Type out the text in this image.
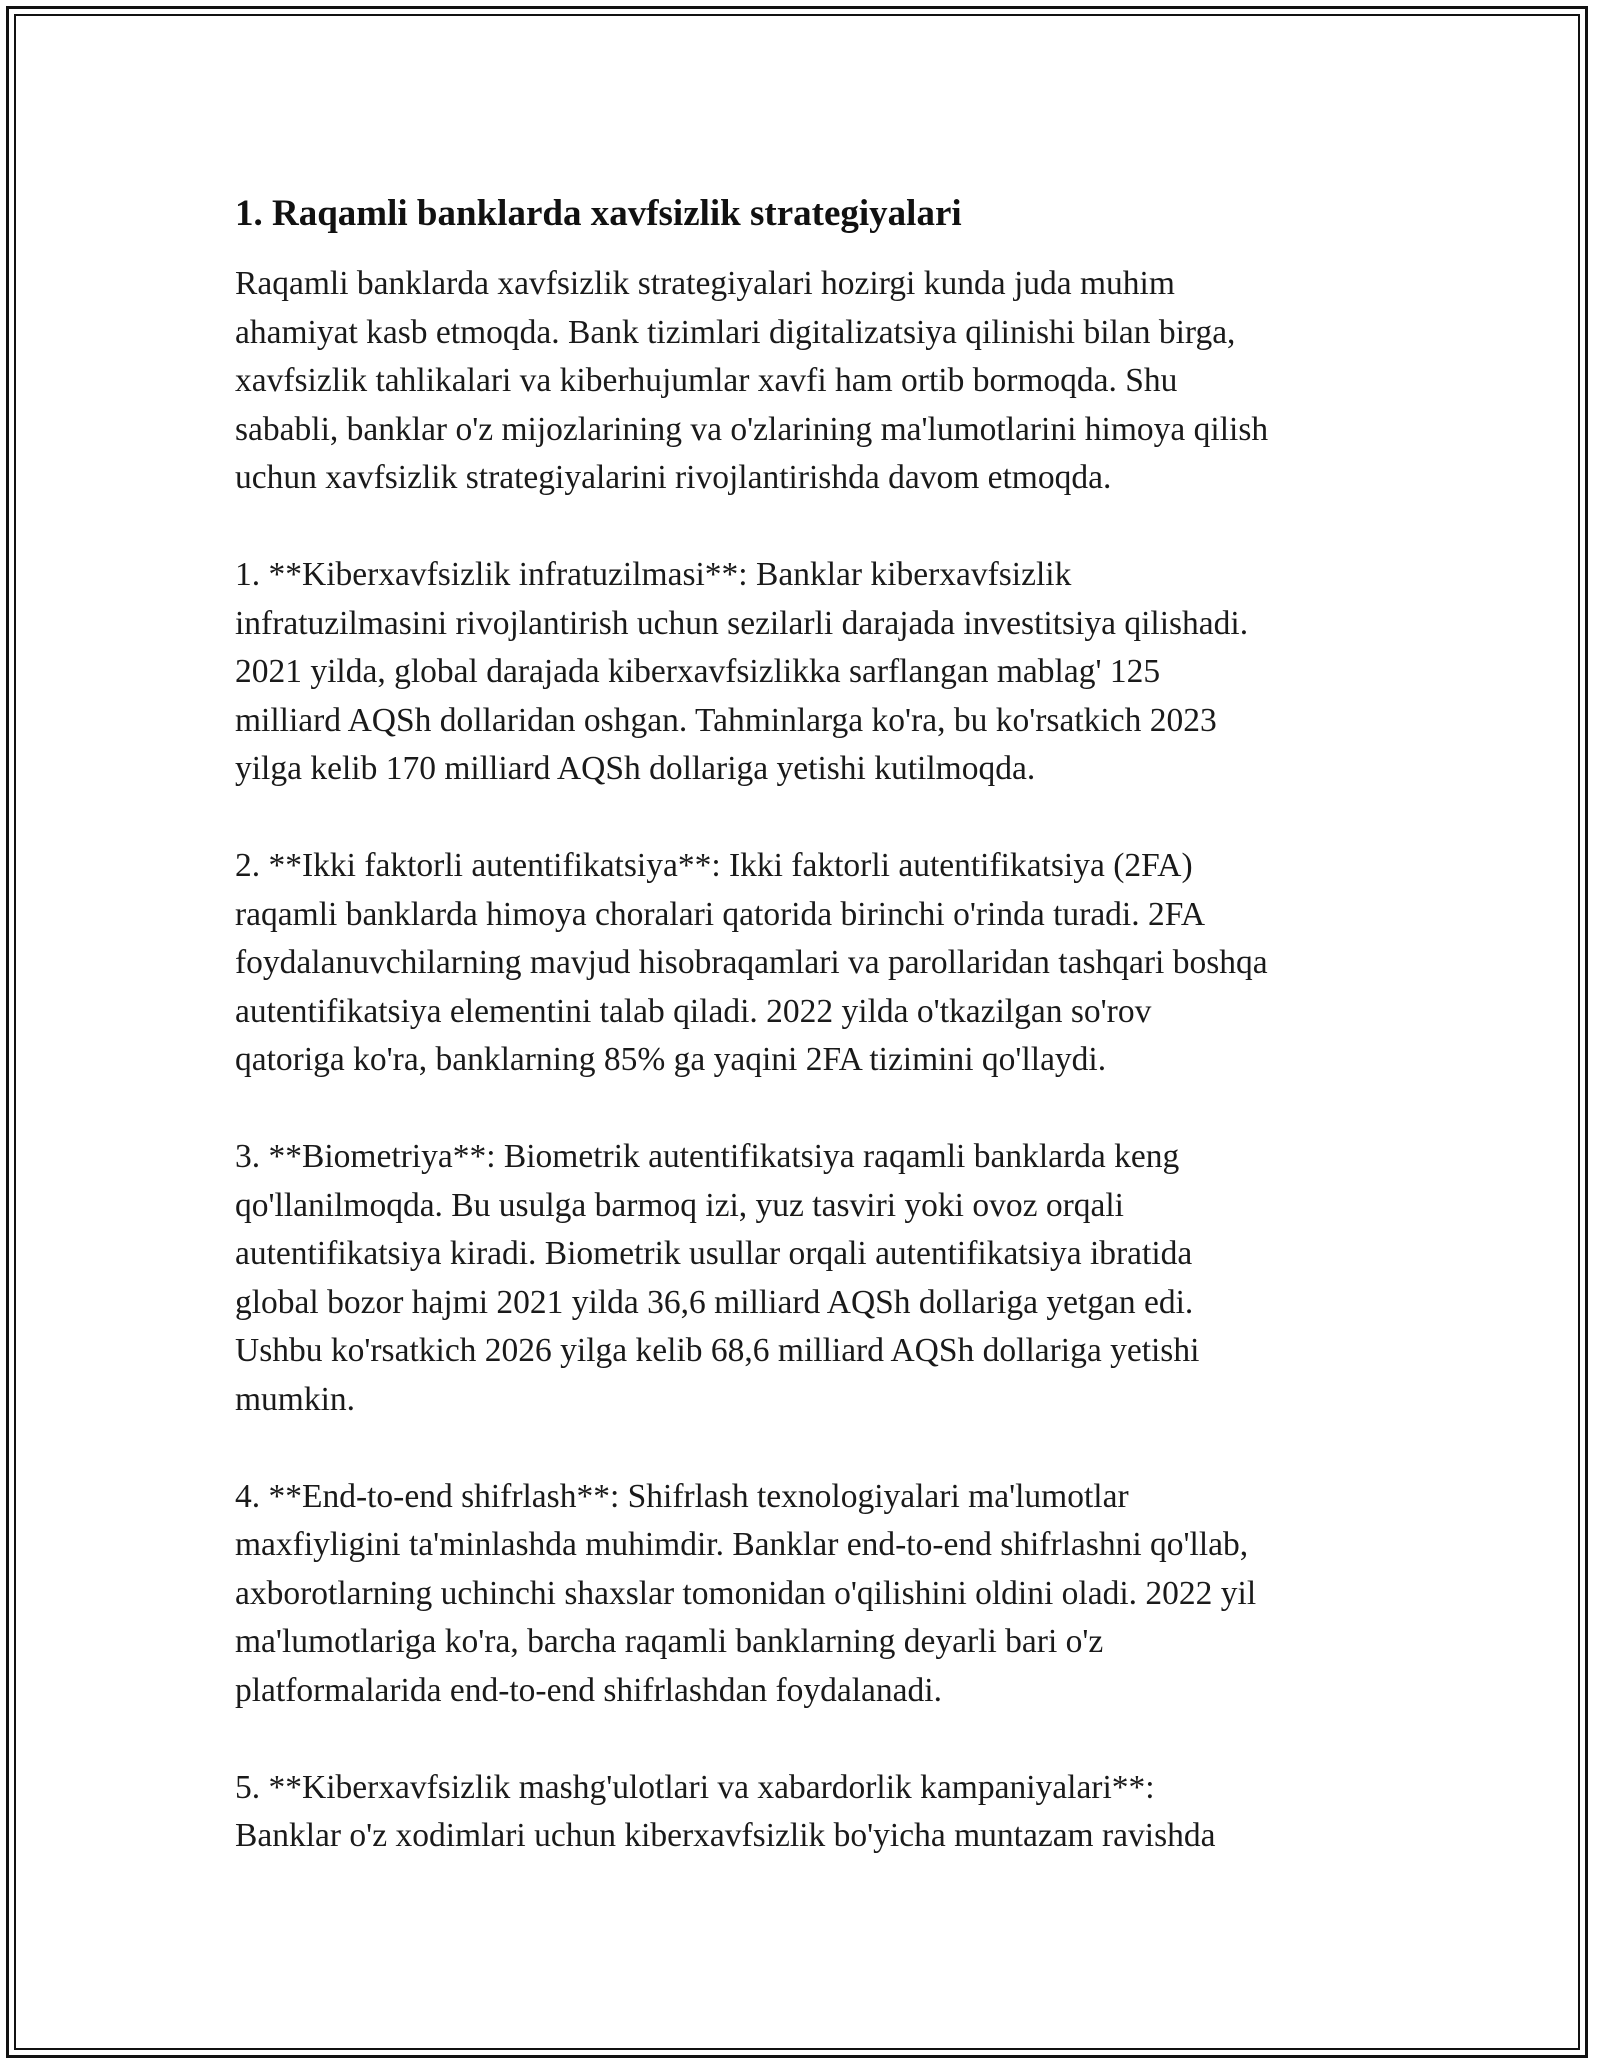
1. Raqamli banklarda xavfsizlik strategiyalari

Raqamli banklarda xavfsizlik strategiyalari hozirgi kunda juda muhim
ahamiyat kasb etmoqda. Bank tizimlari digitalizatsiya qilinishi bilan birga,
xavfsizlik tahlikalari va kiberhujumlar xavfi ham ortib bormoqda. Shu
sababli, banklar o'z mijozlarining va o'zlarining ma'lumotlarini himoya qilish
uchun xavfsizlik strategiyalarini rivojlantirishda davom etmoqda.

1. **Kiberxavfsizlik infratuzilmasi**: Banklar kiberxavfsizlik
infratuzilmasini rivojlantirish uchun sezilarli darajada investitsiya qilishadi.
2021 yilda, global darajada kiberxavfsizlikka sarflangan mablag' 125
milliard AQSh dollaridan oshgan. Tahminlarga ko'ra, bu ko'rsatkich 2023
yilga kelib 170 milliard AQSh dollariga yetishi kutilmoqda.

2. **Ikki faktorli autentifikatsiya**: Ikki faktorli autentifikatsiya (2FA)
raqamli banklarda himoya choralari qatorida birinchi o'rinda turadi. 2FA
foydalanuvchilarning mavjud hisobraqamlari va parollaridan tashqari boshqa
autentifikatsiya elementini talab qiladi. 2022 yilda o'tkazilgan so'rov
qatoriga ko'ra, banklarning 85% ga yaqini 2FA tizimini qo'llaydi.

3. **Biometriya**: Biometrik autentifikatsiya raqamli banklarda keng
qo'llanilmoqda. Bu usulga barmoq izi, yuz tasviri yoki ovoz orqali
autentifikatsiya kiradi. Biometrik usullar orqali autentifikatsiya ibratida
global bozor hajmi 2021 yilda 36,6 milliard AQSh dollariga yetgan edi.
Ushbu ko'rsatkich 2026 yilga kelib 68,6 milliard AQSh dollariga yetishi
mumkin.

4. **End-to-end shifrlash**: Shifrlash texnologiyalari ma'lumotlar
maxfiyligini ta'minlashda muhimdir. Banklar end-to-end shifrlashni qo'llab,
axborotlarning uchinchi shaxslar tomonidan o'qilishini oldini oladi. 2022 yil
ma'lumotlariga ko'ra, barcha raqamli banklarning deyarli bari o'z
platformalarida end-to-end shifrlashdan foydalanadi.

5. **Kiberxavfsizlik mashg'ulotlari va xabardorlik kampaniyalari**:
Banklar o'z xodimlari uchun kiberxavfsizlik bo'yicha muntazam ravishda
